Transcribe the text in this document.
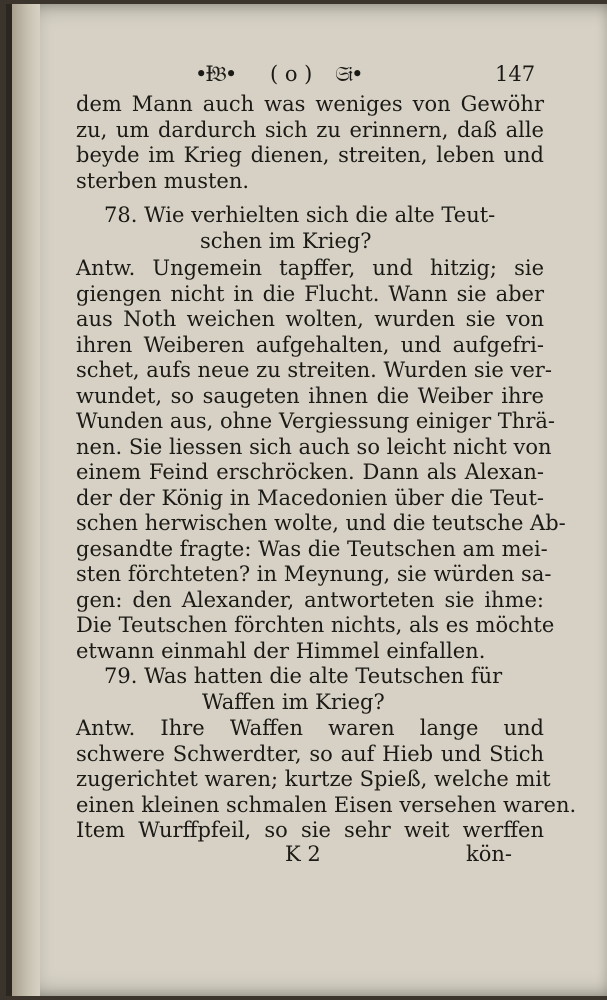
•Ɨ𝔅• ( o ) 𝔖𝔦•	147
dem Mann auch was weniges von Gewöhr
zu, um dardurch sich zu erinnern, daß alle
beyde im Krieg dienen, streiten, leben und
sterben musten.
78. Wie verhielten sich die alte Teut-
schen im Krieg?
Antw. Ungemein tapffer, und hitzig; sie
giengen nicht in die Flucht. Wann sie aber
aus Noth weichen wolten, wurden sie von
ihren Weiberen aufgehalten, und aufgefri-
schet, aufs neue zu streiten. Wurden sie ver-
wundet, so saugeten ihnen die Weiber ihre
Wunden aus, ohne Vergiessung einiger Thrä-
nen. Sie liessen sich auch so leicht nicht von
einem Feind erschröcken. Dann als Alexan-
der der König in Macedonien über die Teut-
schen herwischen wolte, und die teutsche Ab-
gesandte fragte: Was die Teutschen am mei-
sten förchteten? in Meynung, sie würden sa-
gen: den Alexander, antworteten sie ihme:
Die Teutschen förchten nichts, als es möchte
etwann einmahl der Himmel einfallen.
79. Was hatten die alte Teutschen für
Waffen im Krieg?
Antw. Ihre Waffen waren lange und
schwere Schwerdter, so auf Hieb und Stich
zugerichtet waren; kurtze Spieß, welche mit
einen kleinen schmalen Eisen versehen waren.
Item Wurffpfeil, so sie sehr weit werffen
K 2	kön-
